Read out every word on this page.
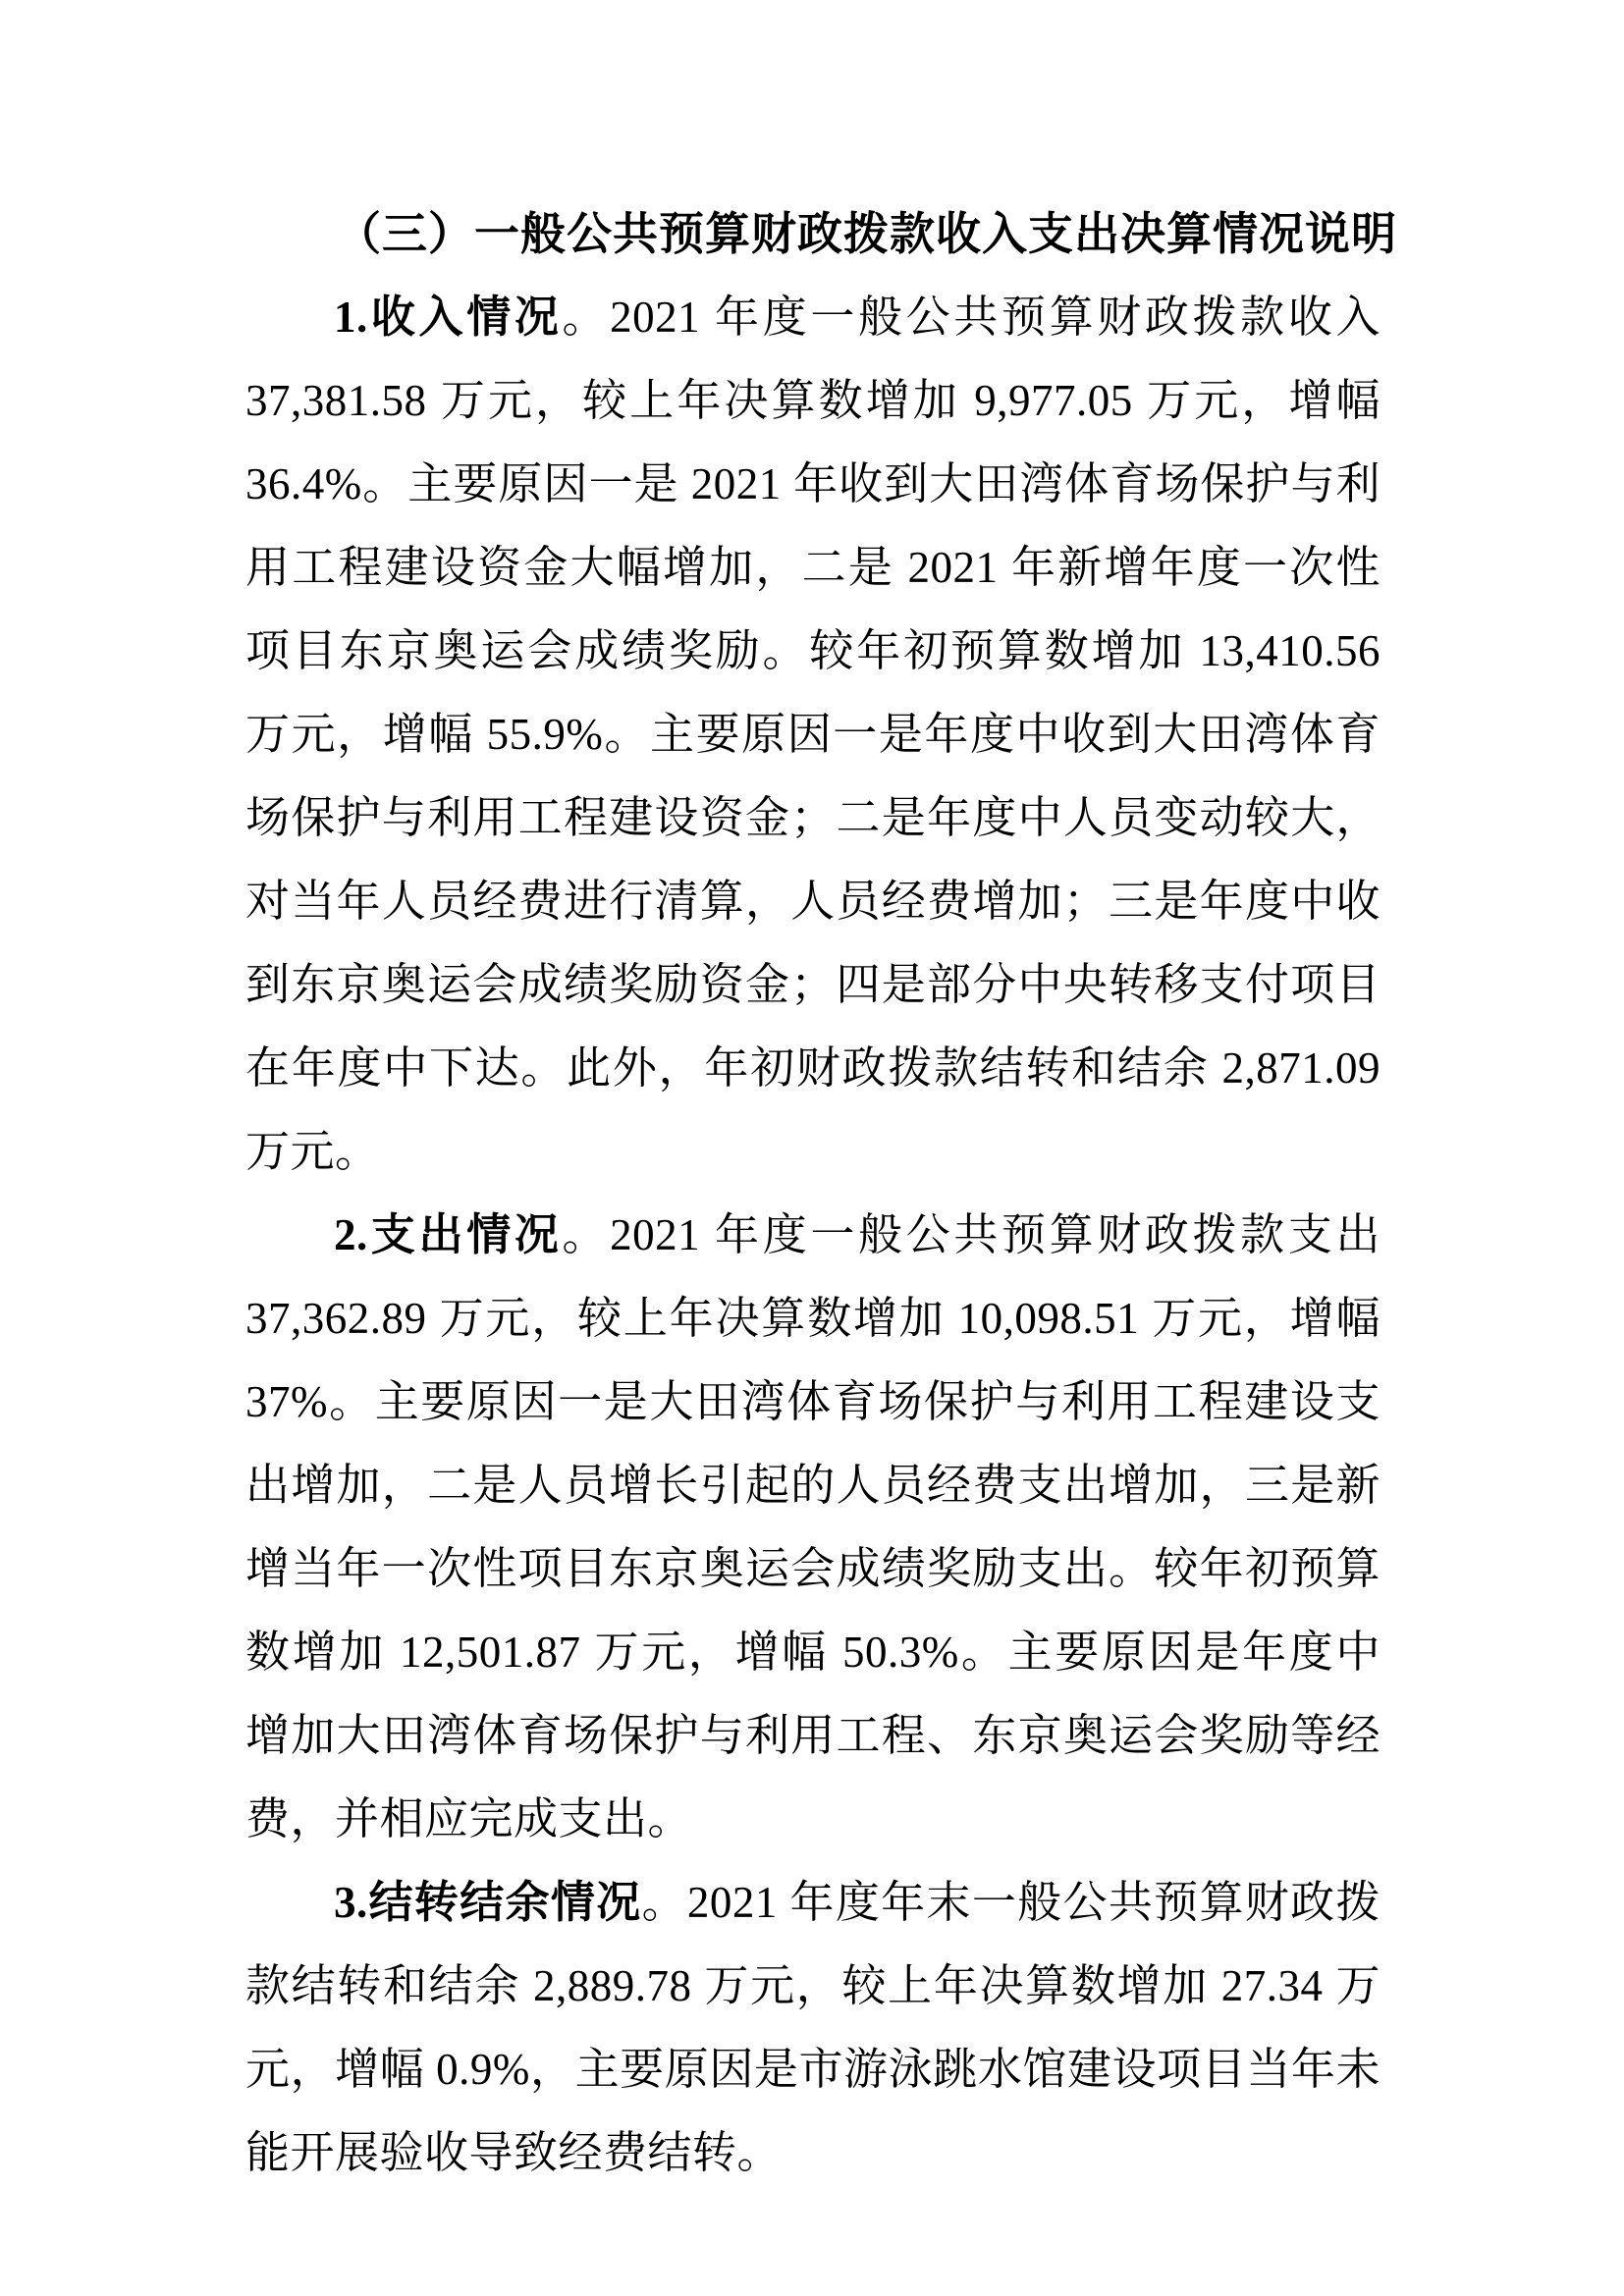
（三）一般公共预算财政拨款收入支出决算情况说明

1.收入情况。2021 年度一般公共预算财政拨款收入 37,381.58 万元，较上年决算数增加 9,977.05 万元，增幅 36.4%。主要原因一是 2021 年收到大田湾体育场保护与利用工程建设资金大幅增加，二是 2021 年新增年度一次性项目东京奥运会成绩奖励。较年初预算数增加 13,410.56 万元，增幅 55.9%。主要原因一是年度中收到大田湾体育场保护与利用工程建设资金；二是年度中人员变动较大，对当年人员经费进行清算，人员经费增加；三是年度中收到东京奥运会成绩奖励资金；四是部分中央转移支付项目在年度中下达。此外，年初财政拨款结转和结余 2,871.09 万元。

2.支出情况。2021 年度一般公共预算财政拨款支出 37,362.89 万元，较上年决算数增加 10,098.51 万元，增幅 37%。主要原因一是大田湾体育场保护与利用工程建设支出增加，二是人员增长引起的人员经费支出增加，三是新增当年一次性项目东京奥运会成绩奖励支出。较年初预算数增加 12,501.87 万元，增幅 50.3%。主要原因是年度中增加大田湾体育场保护与利用工程、东京奥运会奖励等经费，并相应完成支出。

3.结转结余情况。2021 年度年末一般公共预算财政拨款结转和结余 2,889.78 万元，较上年决算数增加 27.34 万元，增幅 0.9%，主要原因是市游泳跳水馆建设项目当年未能开展验收导致经费结转。
